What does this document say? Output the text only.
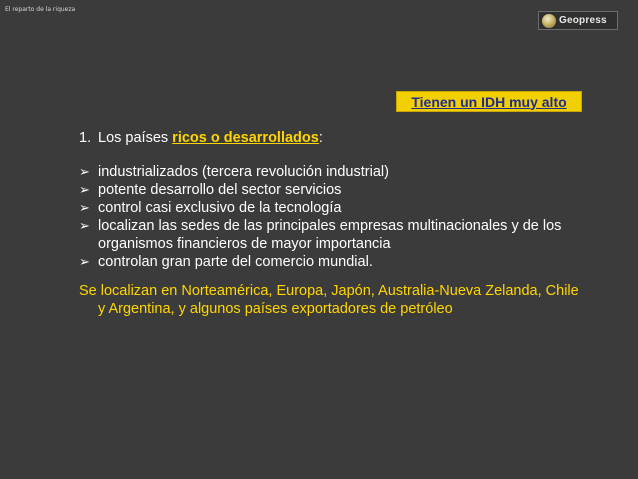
El reparto de la riqueza
Geopress
Tienen un IDH muy alto
1. Los países ricos o desarrollados:
➢ industrializados (tercera revolución industrial)
➢ potente desarrollo del sector servicios
➢ control casi exclusivo de la tecnología
➢ localizan las sedes de las principales empresas multinacionales y de los organismos financieros de mayor importancia
➢ controlan gran parte del comercio mundial.
Se localizan en Norteamérica, Europa, Japón, Australia-Nueva Zelanda, Chile y Argentina, y algunos países exportadores de petróleo
